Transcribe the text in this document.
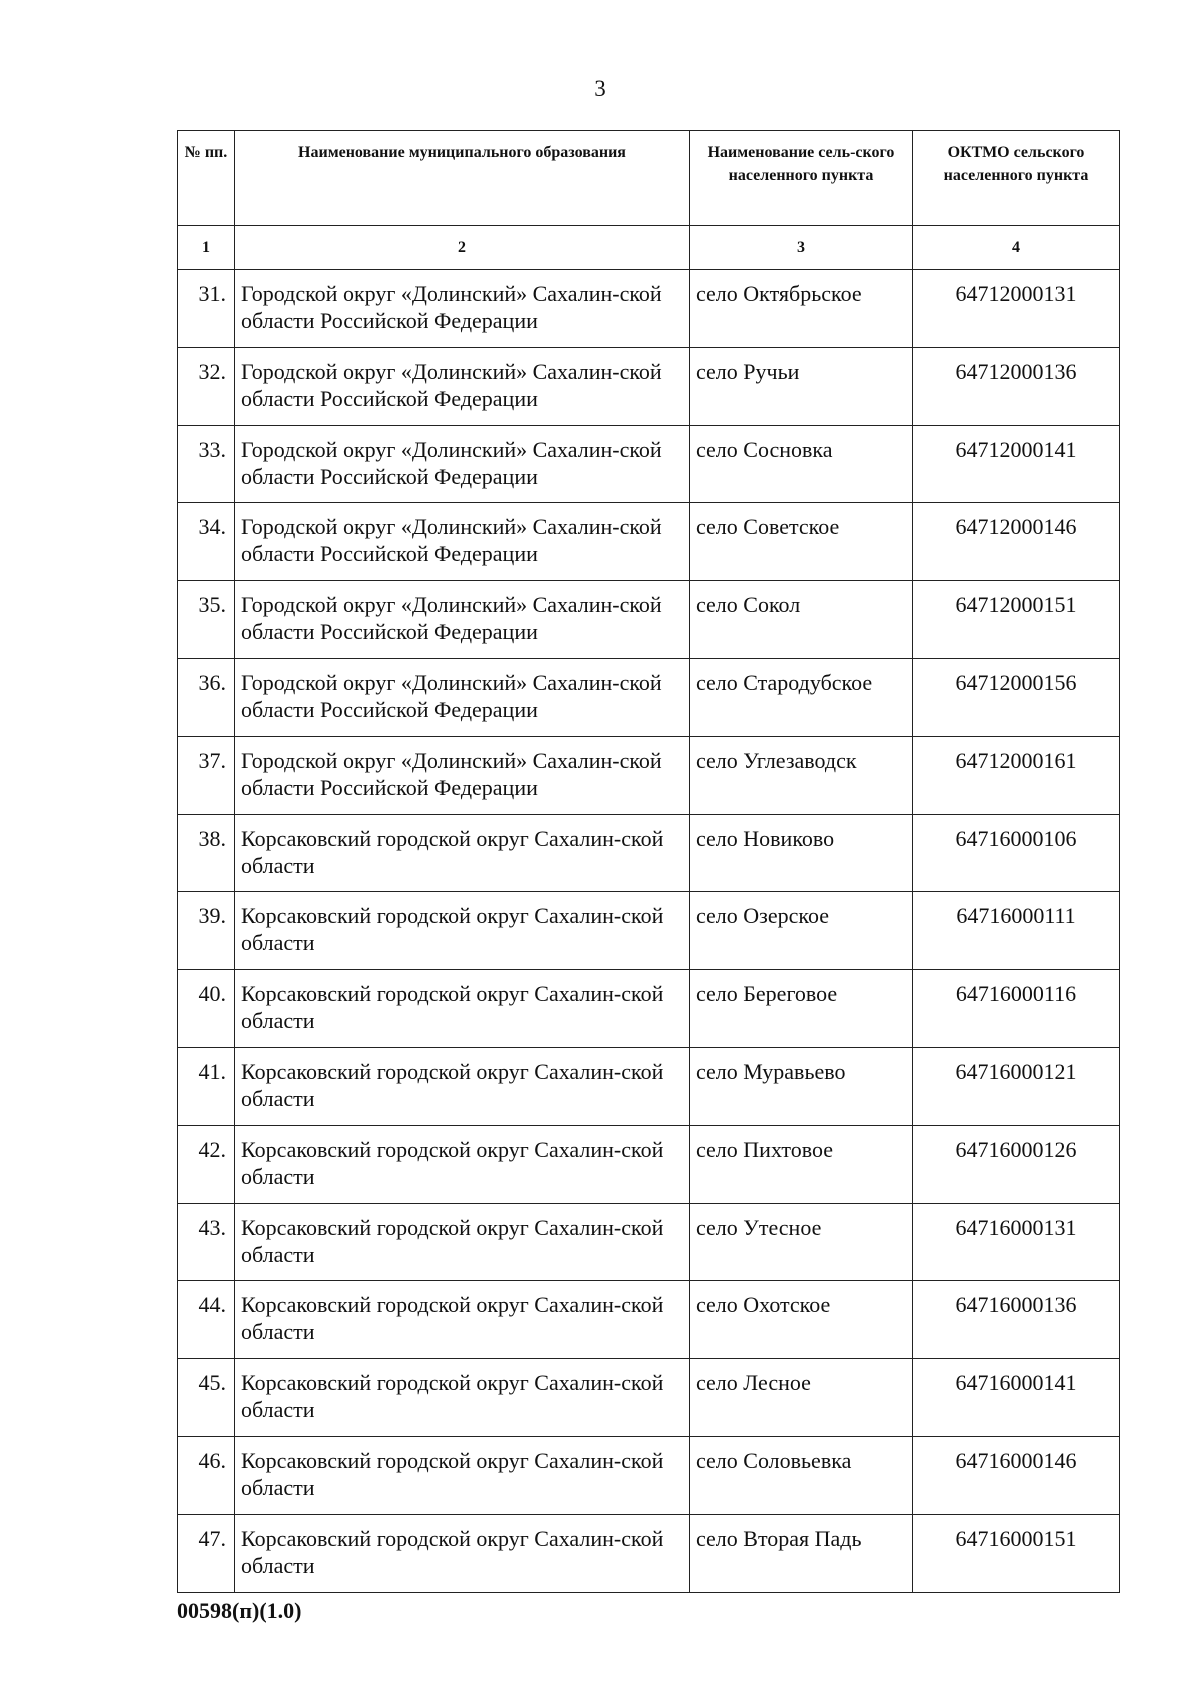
3
№ пп.	Наименование муниципального образования	Наименование сель-ского населенного пункта	ОКТМО сельского населенного пункта
1	2	3	4
31.	Городской округ «Долинский» Сахалин-ской области Российской Федерации	село Октябрьское	64712000131
32.	Городской округ «Долинский» Сахалин-ской области Российской Федерации	село Ручьи	64712000136
33.	Городской округ «Долинский» Сахалин-ской области Российской Федерации	село Сосновка	64712000141
34.	Городской округ «Долинский» Сахалин-ской области Российской Федерации	село Советское	64712000146
35.	Городской округ «Долинский» Сахалин-ской области Российской Федерации	село Сокол	64712000151
36.	Городской округ «Долинский» Сахалин-ской области Российской Федерации	село Стародубское	64712000156
37.	Городской округ «Долинский» Сахалин-ской области Российской Федерации	село Углезаводск	64712000161
38.	Корсаковский городской округ Сахалин-ской области	село Новиково	64716000106
39.	Корсаковский городской округ Сахалин-ской области	село Озерское	64716000111
40.	Корсаковский городской округ Сахалин-ской области	село Береговое	64716000116
41.	Корсаковский городской округ Сахалин-ской области	село Муравьево	64716000121
42.	Корсаковский городской округ Сахалин-ской области	село Пихтовое	64716000126
43.	Корсаковский городской округ Сахалин-ской области	село Утесное	64716000131
44.	Корсаковский городской округ Сахалин-ской области	село Охотское	64716000136
45.	Корсаковский городской округ Сахалин-ской области	село Лесное	64716000141
46.	Корсаковский городской округ Сахалин-ской области	село Соловьевка	64716000146
47.	Корсаковский городской округ Сахалин-ской области	село Вторая Падь	64716000151
00598(п)(1.0)
